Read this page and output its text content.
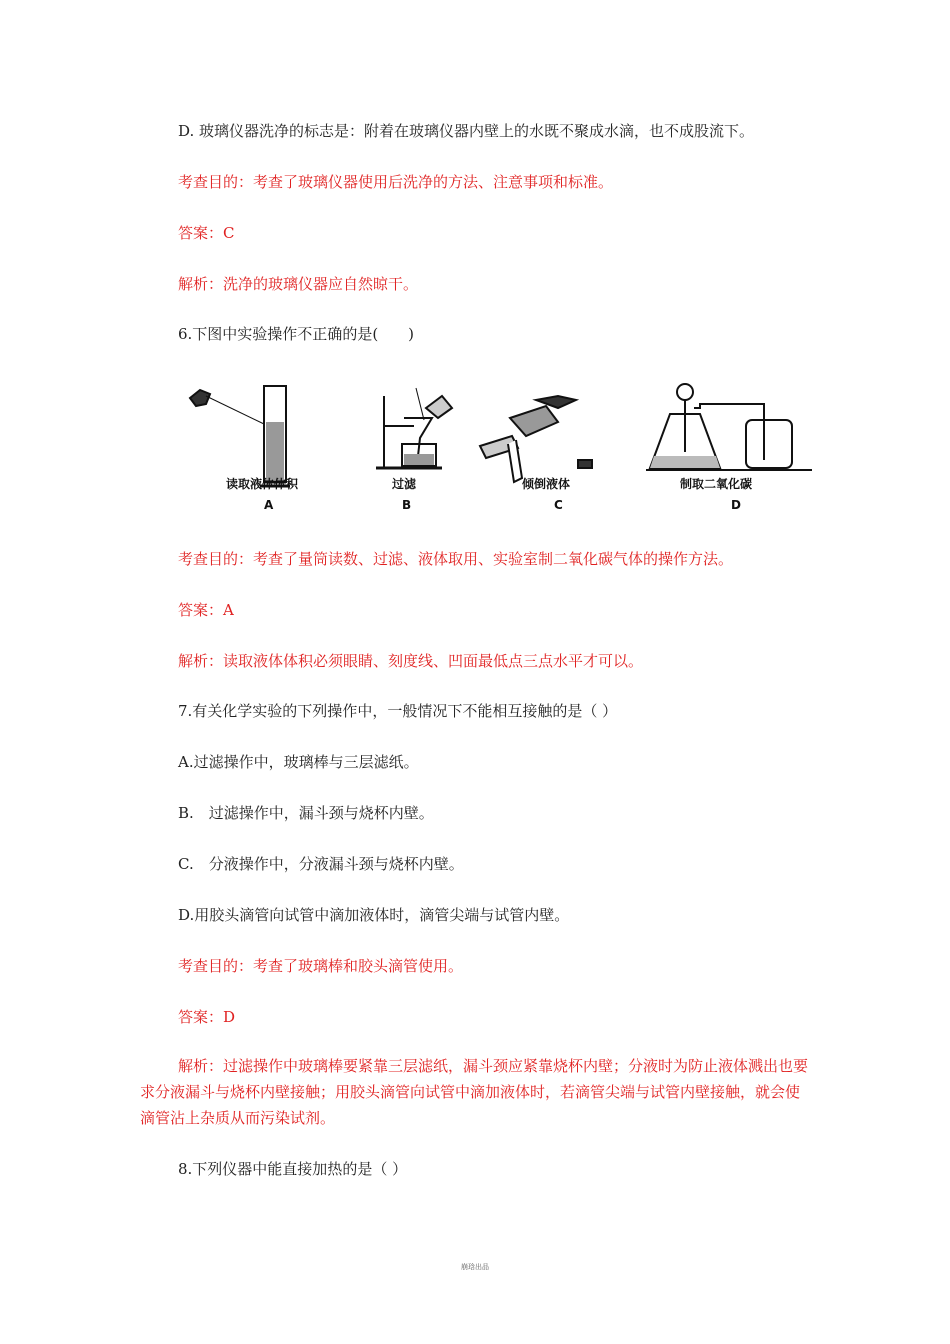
D. 玻璃仪器洗净的标志是：附着在玻璃仪器内壁上的水既不聚成水滴，也不成股流下。
考查目的：考查了玻璃仪器使用后洗净的方法、注意事项和标准。
答案：C
解析：洗净的玻璃仪器应自然晾干。
6.下图中实验操作不正确的是(　　)
读取液体体积
A
过滤
B
倾倒液体
C
制取二氧化碳
D
考查目的：考查了量筒读数、过滤、液体取用、实验室制二氧化碳气体的操作方法。
答案：A
解析：读取液体体积必须眼睛、刻度线、凹面最低点三点水平才可以。
7.有关化学实验的下列操作中，一般情况下不能相互接触的是（ ）
A.过滤操作中，玻璃棒与三层滤纸。
B.　过滤操作中，漏斗颈与烧杯内壁。
C.　分液操作中，分液漏斗颈与烧杯内壁。
D.用胶头滴管向试管中滴加液体时，滴管尖端与试管内壁。
考查目的：考查了玻璃棒和胶头滴管使用。
答案：D
解析：过滤操作中玻璃棒要紧靠三层滤纸，漏斗颈应紧靠烧杯内壁；分液时为防止液体溅出也要求分液漏斗与烧杯内壁接触；用胶头滴管向试管中滴加液体时，若滴管尖端与试管内壁接触，就会使滴管沾上杂质从而污染试剂。
8.下列仪器中能直接加热的是（ ）
崩琀出品
